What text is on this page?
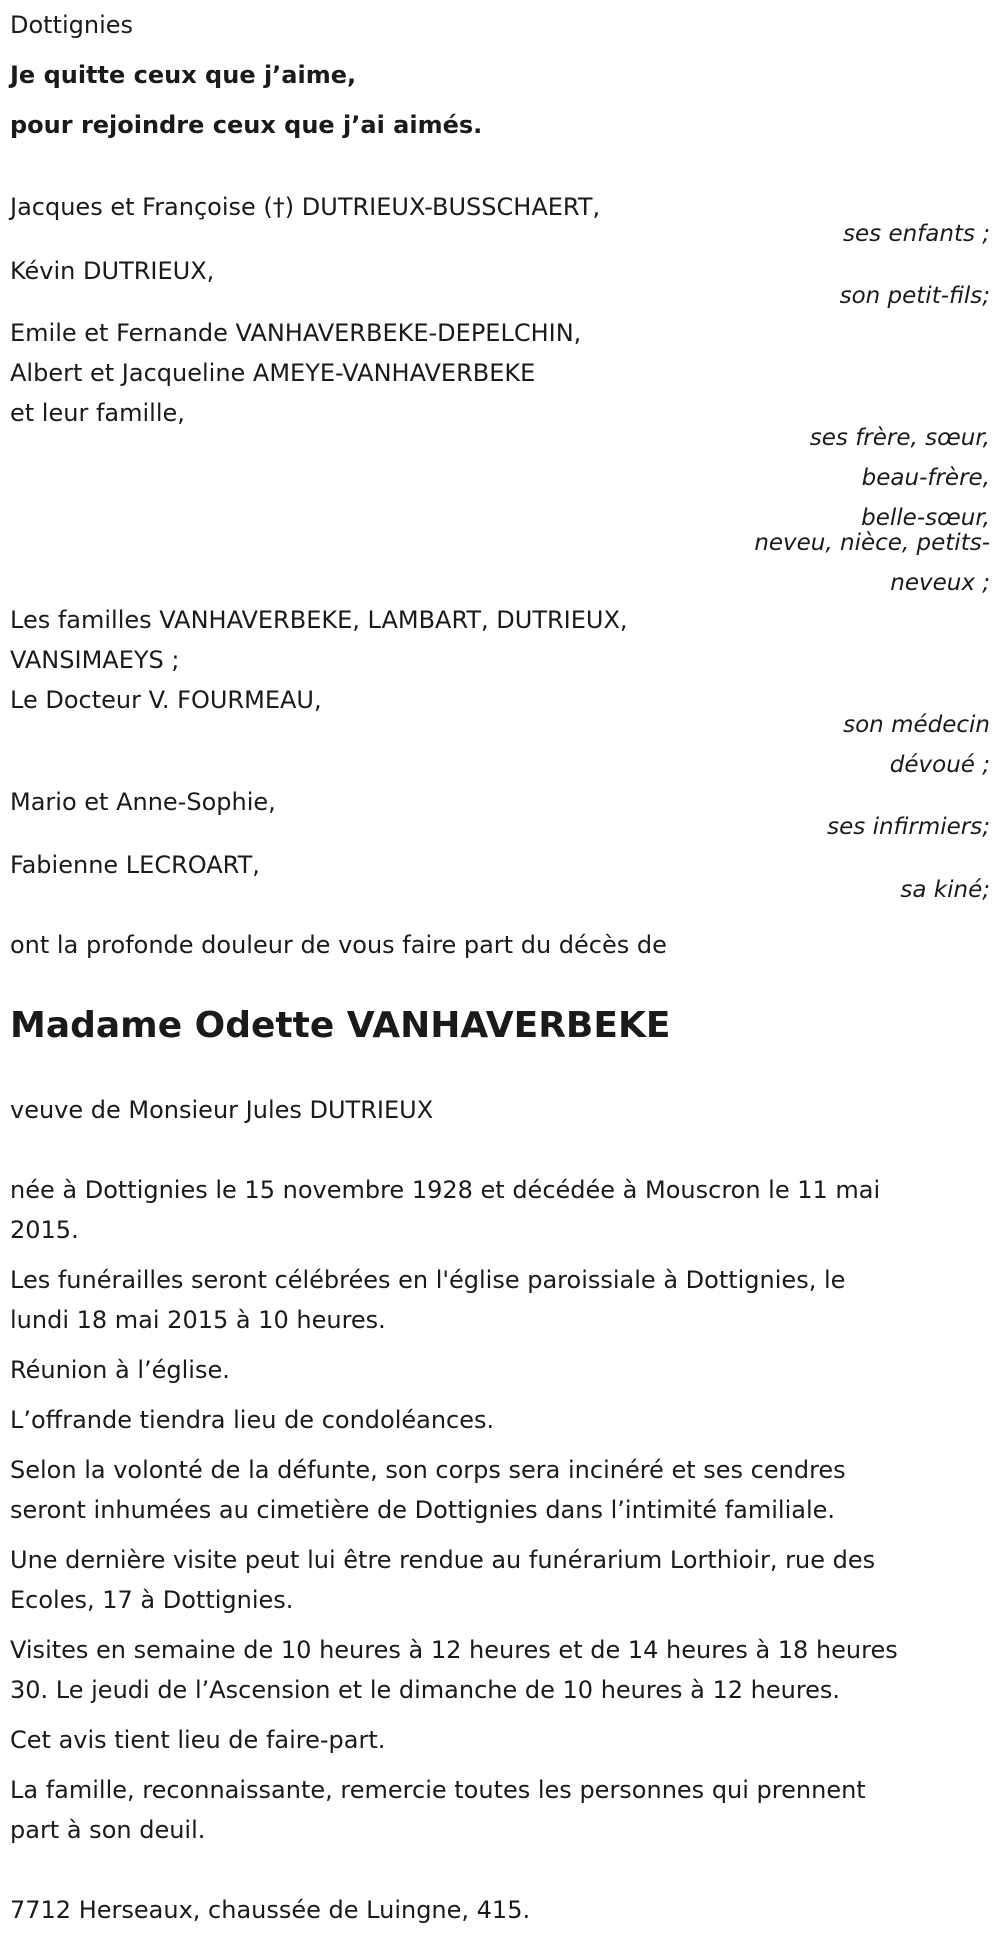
Dottignies
Je quitte ceux que j’aime,
pour rejoindre ceux que j’ai aimés.
Jacques et Françoise (†) DUTRIEUX-BUSSCHAERT,
ses enfants ;
Kévin DUTRIEUX,
son petit-fils;
Emile et Fernande VANHAVERBEKE-DEPELCHIN,
Albert et Jacqueline AMEYE-VANHAVERBEKE
et leur famille,
ses frère, sœur,
beau-frère,
belle-sœur,
neveu, nièce, petits-
neveux ;
Les familles VANHAVERBEKE, LAMBART, DUTRIEUX,
VANSIMAEYS ;
Le Docteur V. FOURMEAU,
son médecin
dévoué ;
Mario et Anne-Sophie,
ses infirmiers;
Fabienne LECROART,
sa kiné;
ont la profonde douleur de vous faire part du décès de
Madame Odette VANHAVERBEKE
veuve de Monsieur Jules DUTRIEUX
née à Dottignies le 15 novembre 1928 et décédée à Mouscron le 11 mai
2015.
Les funérailles seront célébrées en l'église paroissiale à Dottignies, le
lundi 18 mai 2015 à 10 heures.
Réunion à l’église.
L’offrande tiendra lieu de condoléances.
Selon la volonté de la défunte, son corps sera incinéré et ses cendres
seront inhumées au cimetière de Dottignies dans l’intimité familiale.
Une dernière visite peut lui être rendue au funérarium Lorthioir, rue des
Ecoles, 17 à Dottignies.
Visites en semaine de 10 heures à 12 heures et de 14 heures à 18 heures
30. Le jeudi de l’Ascension et le dimanche de 10 heures à 12 heures.
Cet avis tient lieu de faire-part.
La famille, reconnaissante, remercie toutes les personnes qui prennent
part à son deuil.
7712 Herseaux, chaussée de Luingne, 415.
